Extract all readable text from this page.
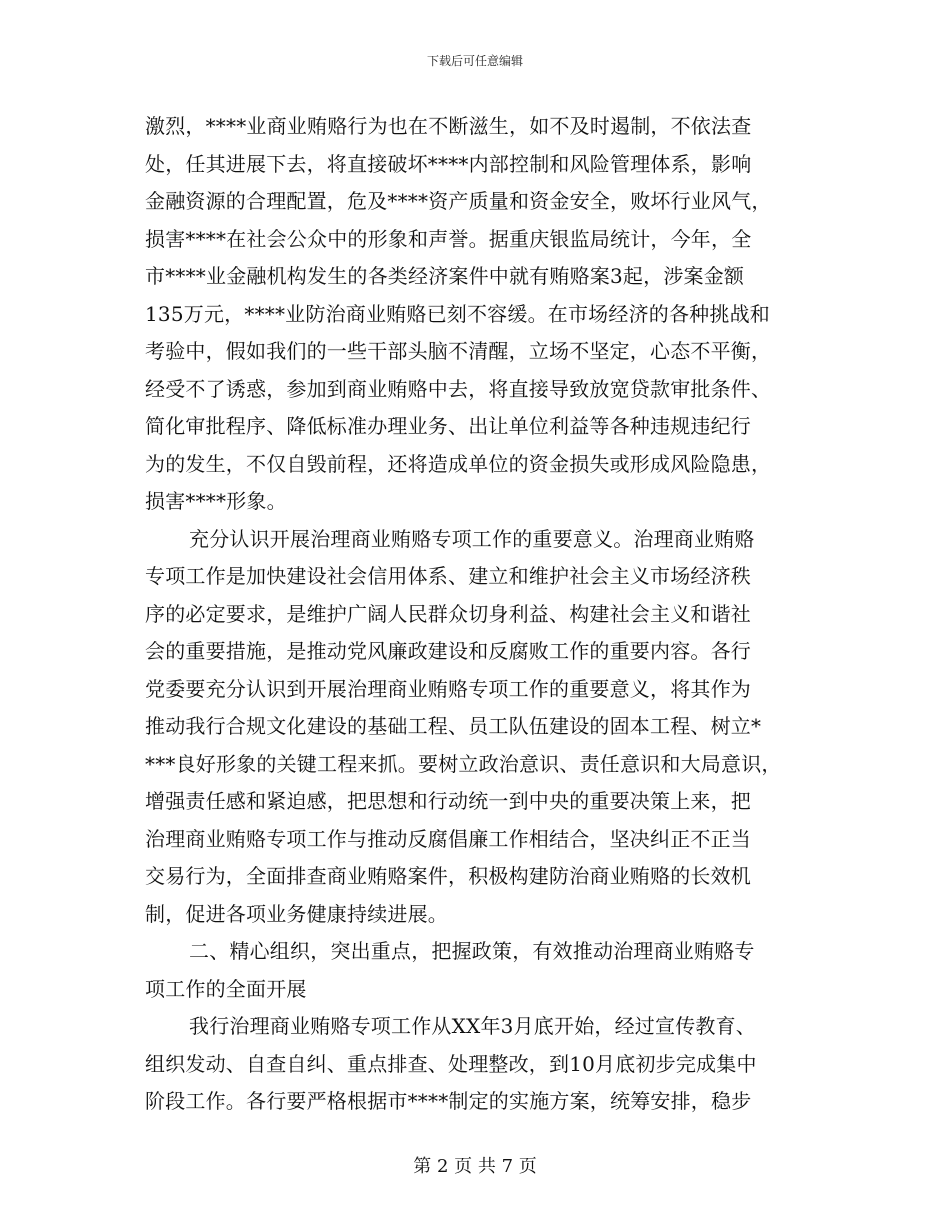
下载后可任意编辑
激烈，****业商业贿赂行为也在不断滋生，如不及时遏制，不依法查
处，任其进展下去，将直接破坏****内部控制和风险管理体系，影响
金融资源的合理配置，危及****资产质量和资金安全，败坏行业风气，
损害****在社会公众中的形象和声誉。据重庆银监局统计，今年，全
市****业金融机构发生的各类经济案件中就有贿赂案3起，涉案金额
135万元，****业防治商业贿赂已刻不容缓。在市场经济的各种挑战和
考验中，假如我们的一些干部头脑不清醒，立场不坚定，心态不平衡，
经受不了诱惑，参加到商业贿赂中去，将直接导致放宽贷款审批条件、
简化审批程序、降低标准办理业务、出让单位利益等各种违规违纪行
为的发生，不仅自毁前程，还将造成单位的资金损失或形成风险隐患，
损害****形象。
充分认识开展治理商业贿赂专项工作的重要意义。治理商业贿赂
专项工作是加快建设社会信用体系、建立和维护社会主义市场经济秩
序的必定要求，是维护广阔人民群众切身利益、构建社会主义和谐社
会的重要措施，是推动党风廉政建设和反腐败工作的重要内容。各行
党委要充分认识到开展治理商业贿赂专项工作的重要意义，将其作为
推动我行合规文化建设的基础工程、员工队伍建设的固本工程、树立*
***良好形象的关键工程来抓。要树立政治意识、责任意识和大局意识，
增强责任感和紧迫感，把思想和行动统一到中央的重要决策上来，把
治理商业贿赂专项工作与推动反腐倡廉工作相结合，坚决纠正不正当
交易行为，全面排查商业贿赂案件，积极构建防治商业贿赂的长效机
制，促进各项业务健康持续进展。
二、精心组织，突出重点，把握政策，有效推动治理商业贿赂专
项工作的全面开展
我行治理商业贿赂专项工作从XX年3月底开始，经过宣传教育、
组织发动、自查自纠、重点排查、处理整改，到10月底初步完成集中
阶段工作。各行要严格根据市****制定的实施方案，统筹安排，稳步
第 2 页 共 7 页
